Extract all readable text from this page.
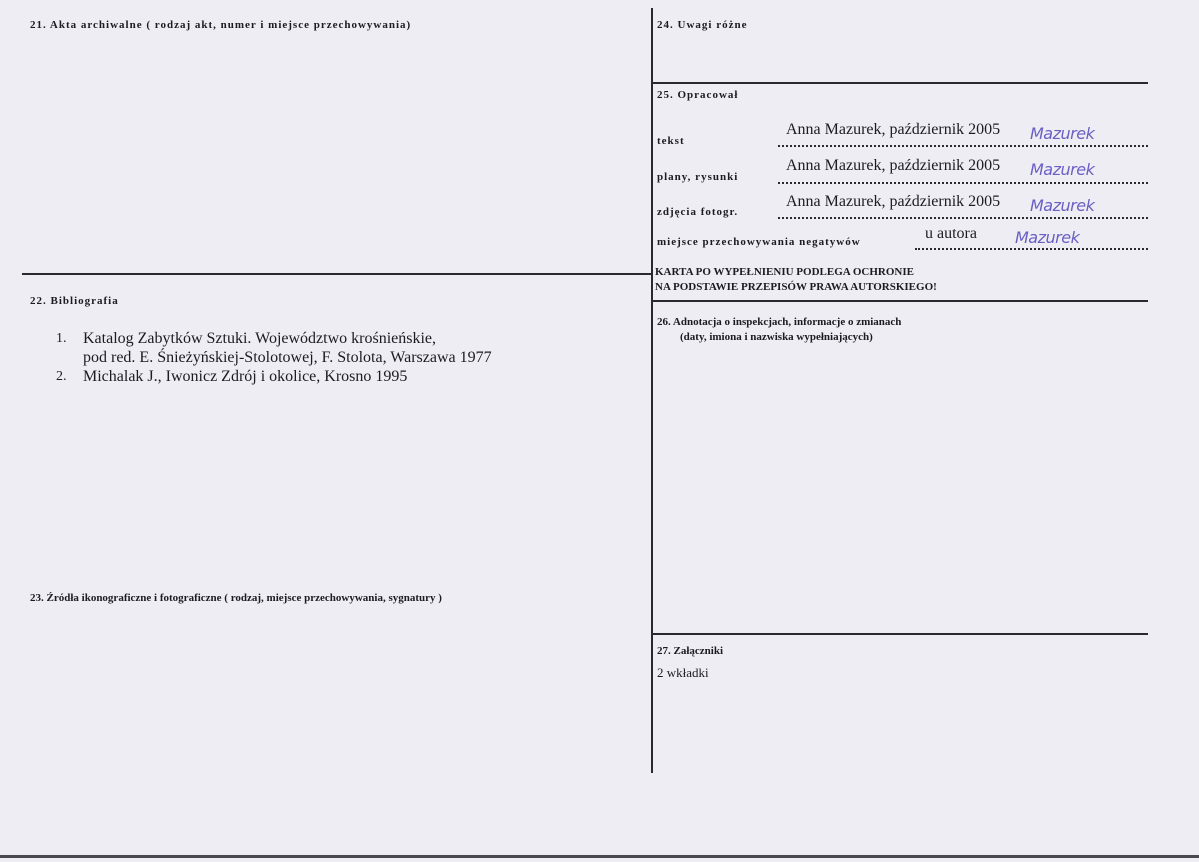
21. Akta archiwalne ( rodzaj akt, numer i miejsce przechowywania)
22. Bibliografia
1.	Katalog Zabytków Sztuki. Województwo krośnieńskie,
pod red. E. Śnieżyńskiej-Stolotowej, F. Stolota, Warszawa 1977
2.	Michalak J., Iwonicz Zdrój i okolice, Krosno 1995
23. Źródła ikonograficzne i fotograficzne ( rodzaj, miejsce przechowywania, sygnatury )
24. Uwagi różne
25. Opracował
tekst
Anna Mazurek, październik 2005 Mazurek
plany, rysunki
Anna Mazurek, październik 2005 Mazurek
zdjęcia fotogr.
Anna Mazurek, październik 2005 Mazurek
miejsce przechowywania negatywów	u autora Mazurek
KARTA PO WYPEŁNIENIU PODLEGA OCHRONIE
NA PODSTAWIE PRZEPISÓW PRAWA AUTORSKIEGO!
26. Adnotacja o inspekcjach, informacje o zmianach
(daty, imiona i nazwiska wypełniających)
27. Załączniki
2 wkładki
